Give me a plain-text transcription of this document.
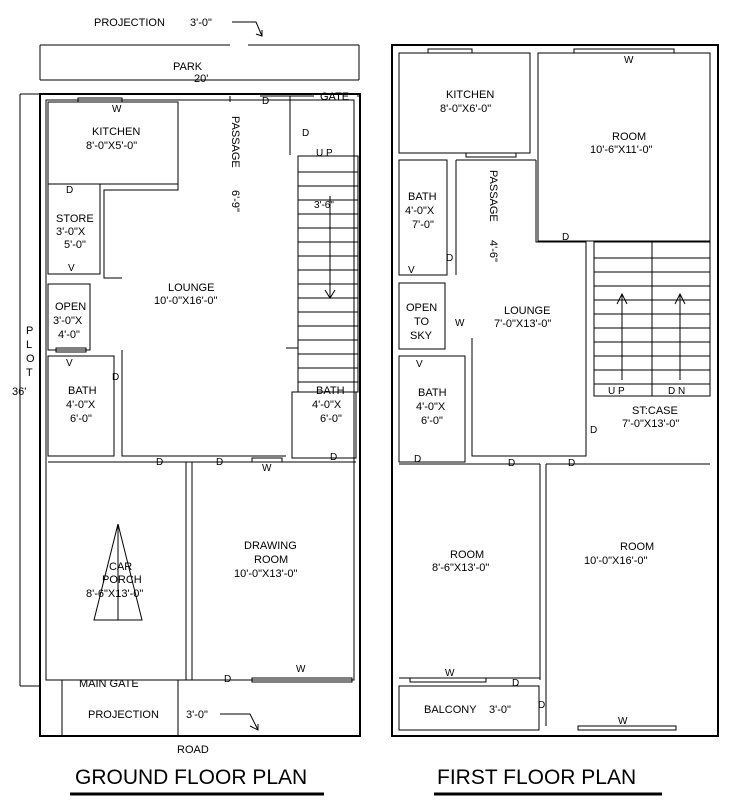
PROJECTION 3'-0"
PARK
20'
GATE
P
L
O
T
36'
W
KITCHEN
8'-0"X5'-0"
D
PASSAGE
6'-9"
D
STORE
3'-0"X
5'-0"
V
OPEN
3'-0"X
4'-0"
V
LOUNGE
10'-0"X16'-0"
U P
3'-6"
D
D
BATH
4'-0"X
6'-0"
BATH
4'-0"X
6'-0"
D
D	D
W
CAR
PORCH
8'-6"X13'-0"
DRAWING
ROOM
10'-0"X13'-0"
W
D
MAIN GATE
PROJECTION 3'-0"
ROAD
GROUND FLOOR PLAN
KITCHEN
8'-0"X6'-0"
W
ROOM
10'-6"X11'-0"
D
BATH
4'-0"X
7'-0"
D
V
PASSAGE
4'-6"
OPEN
TO
SKY
W
V
LOUNGE
7'-0"X13'-0"
U P	D N
ST:CASE
7'-0"X13'-0"
D
BATH
4'-0"X
6'-0"
D	D	D
ROOM
8'-6"X13'-0"
W
ROOM
10'-0"X16'-0"
BALCONY 3'-0"
D
D
W
FIRST FLOOR PLAN
